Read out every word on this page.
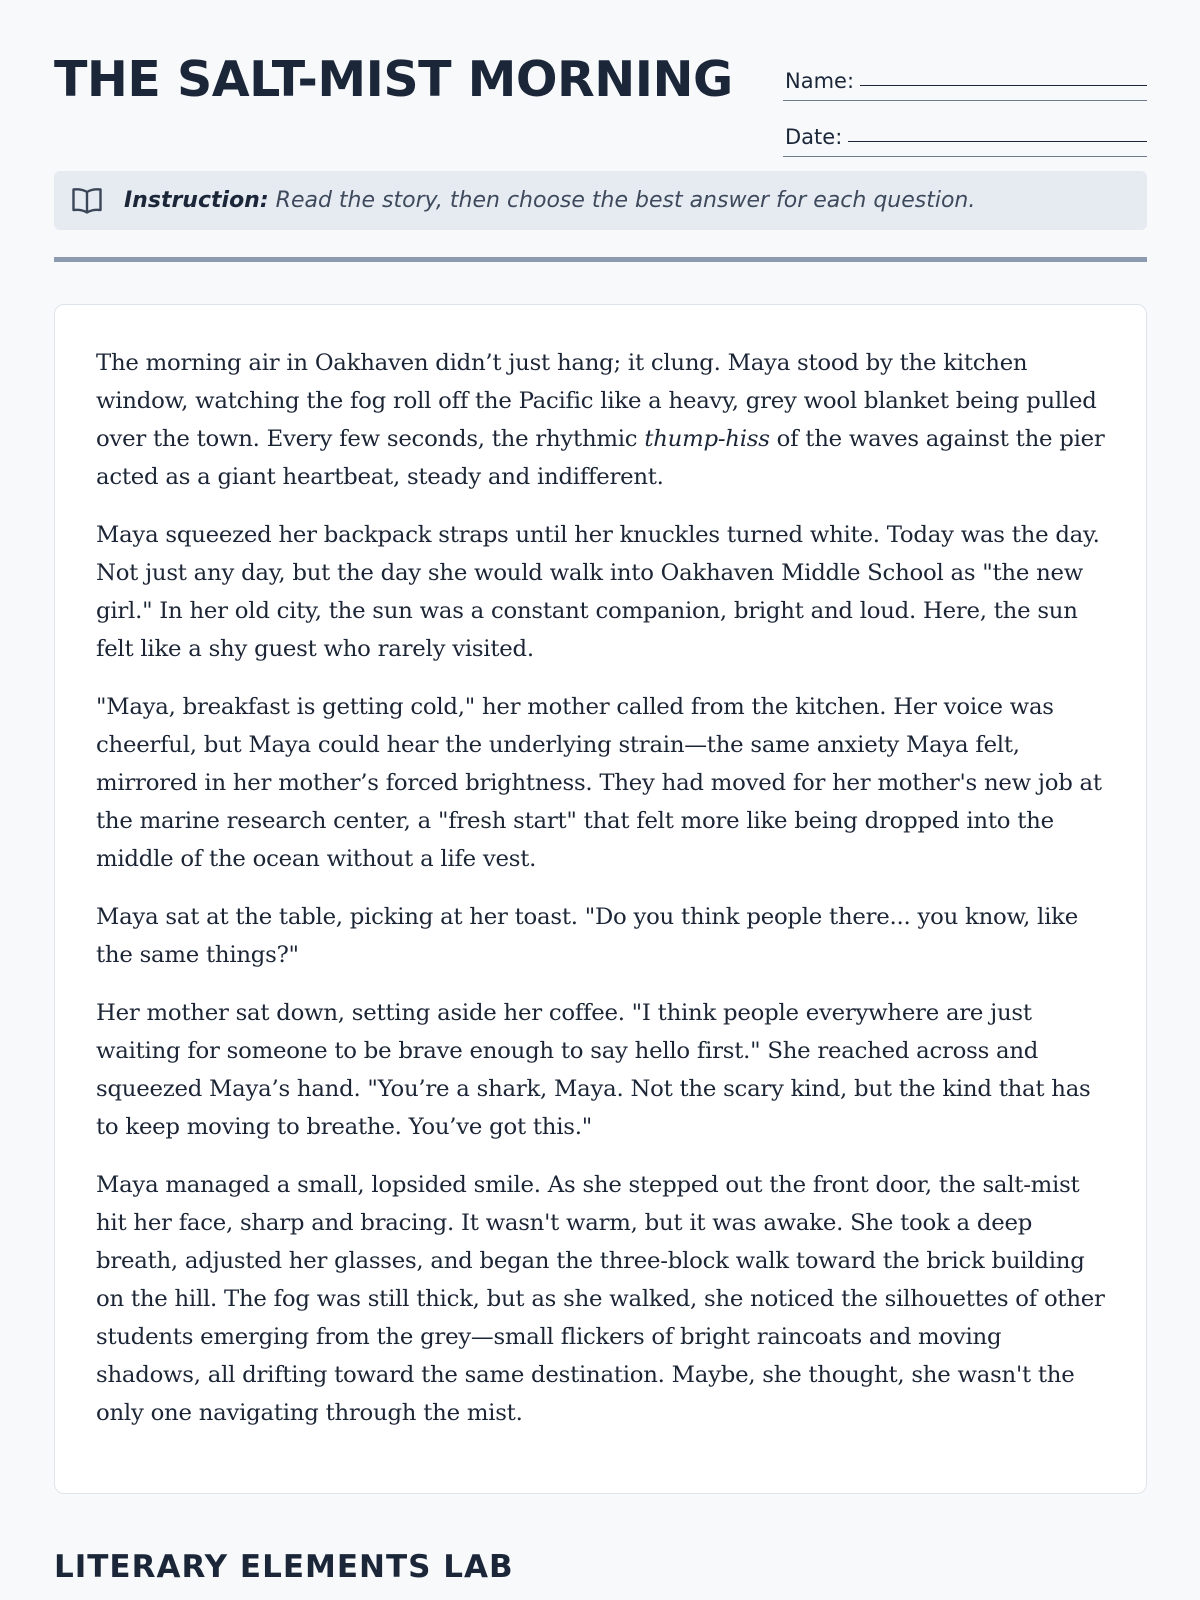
THE SALT-MIST MORNING Name:
Date:
Instruction: Read the story, then choose the best answer for each question.

The morning air in Oakhaven didn’t just hang; it clung. Maya stood by the kitchen window, watching the fog roll off the Pacific like a heavy, grey wool blanket being pulled over the town. Every few seconds, the rhythmic thump-hiss of the waves against the pier acted as a giant heartbeat, steady and indifferent.

Maya squeezed her backpack straps until her knuckles turned white. Today was the day. Not just any day, but the day she would walk into Oakhaven Middle School as "the new girl." In her old city, the sun was a constant companion, bright and loud. Here, the sun felt like a shy guest who rarely visited.

"Maya, breakfast is getting cold," her mother called from the kitchen. Her voice was cheerful, but Maya could hear the underlying strain—the same anxiety Maya felt, mirrored in her mother’s forced brightness. They had moved for her mother's new job at the marine research center, a "fresh start" that felt more like being dropped into the middle of the ocean without a life vest.

Maya sat at the table, picking at her toast. "Do you think people there... you know, like the same things?"

Her mother sat down, setting aside her coffee. "I think people everywhere are just waiting for someone to be brave enough to say hello first." She reached across and squeezed Maya’s hand. "You’re a shark, Maya. Not the scary kind, but the kind that has to keep moving to breathe. You’ve got this."

Maya managed a small, lopsided smile. As she stepped out the front door, the salt-mist hit her face, sharp and bracing. It wasn't warm, but it was awake. She took a deep breath, adjusted her glasses, and began the three-block walk toward the brick building on the hill. The fog was still thick, but as she walked, she noticed the silhouettes of other students emerging from the grey—small flickers of bright raincoats and moving shadows, all drifting toward the same destination. Maybe, she thought, she wasn't the only one navigating through the mist.

LITERARY ELEMENTS LAB
